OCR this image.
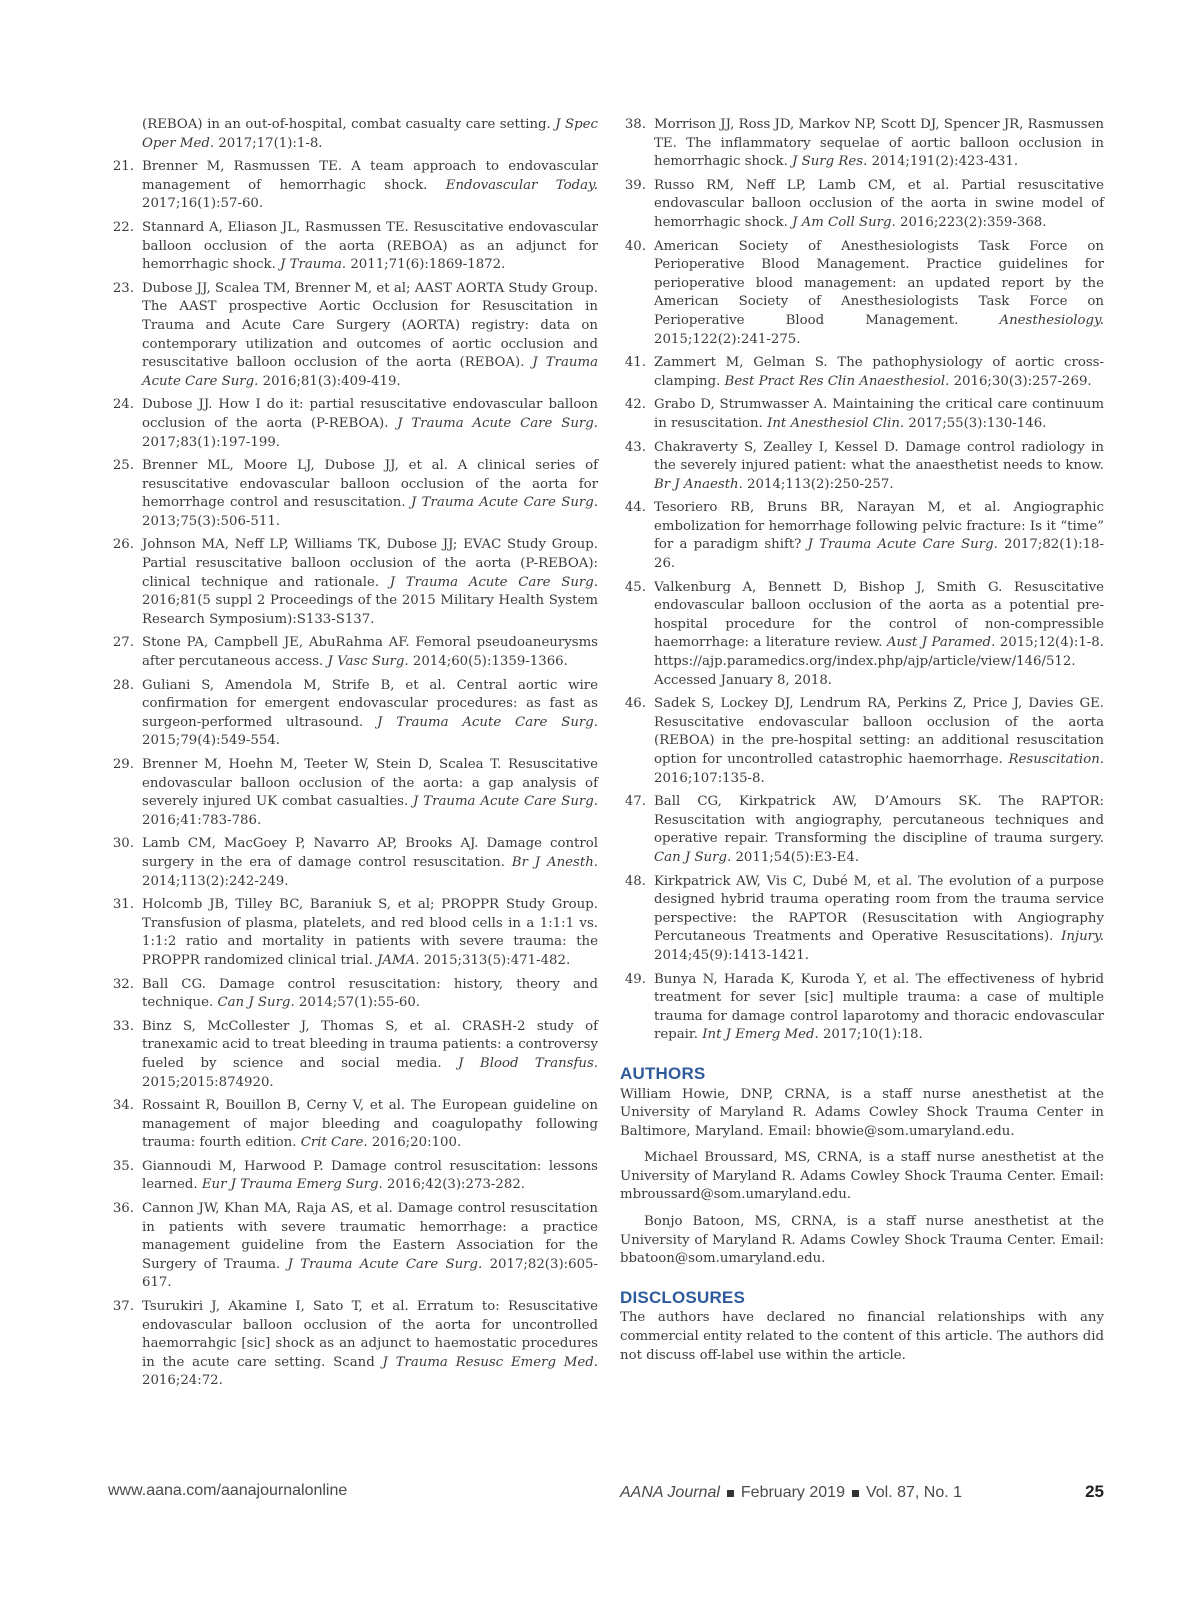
(REBOA) in an out-of-hospital, combat casualty care setting. J Spec Oper Med. 2017;17(1):1-8.
21. Brenner M, Rasmussen TE. A team approach to endovascular management of hemorrhagic shock. Endovascular Today. 2017;16(1):57-60.
22. Stannard A, Eliason JL, Rasmussen TE. Resuscitative endovascular balloon occlusion of the aorta (REBOA) as an adjunct for hemorrhagic shock. J Trauma. 2011;71(6):1869-1872.
23. Dubose JJ, Scalea TM, Brenner M, et al; AAST AORTA Study Group. The AAST prospective Aortic Occlusion for Resuscitation in Trauma and Acute Care Surgery (AORTA) registry: data on contemporary utilization and outcomes of aortic occlusion and resuscitative balloon occlusion of the aorta (REBOA). J Trauma Acute Care Surg. 2016;81(3):409-419.
24. Dubose JJ. How I do it: partial resuscitative endovascular balloon occlusion of the aorta (P-REBOA). J Trauma Acute Care Surg. 2017;83(1):197-199.
25. Brenner ML, Moore LJ, Dubose JJ, et al. A clinical series of resuscitative endovascular balloon occlusion of the aorta for hemorrhage control and resuscitation. J Trauma Acute Care Surg. 2013;75(3):506-511.
26. Johnson MA, Neff LP, Williams TK, Dubose JJ; EVAC Study Group. Partial resuscitative balloon occlusion of the aorta (P-REBOA): clinical technique and rationale. J Trauma Acute Care Surg. 2016;81(5 suppl 2 Proceedings of the 2015 Military Health System Research Symposium):S133-S137.
27. Stone PA, Campbell JE, AbuRahma AF. Femoral pseudoaneurysms after percutaneous access. J Vasc Surg. 2014;60(5):1359-1366.
28. Guliani S, Amendola M, Strife B, et al. Central aortic wire confirmation for emergent endovascular procedures: as fast as surgeon-performed ultrasound. J Trauma Acute Care Surg. 2015;79(4):549-554.
29. Brenner M, Hoehn M, Teeter W, Stein D, Scalea T. Resuscitative endovascular balloon occlusion of the aorta: a gap analysis of severely injured UK combat casualties. J Trauma Acute Care Surg. 2016;41:783-786.
30. Lamb CM, MacGoey P, Navarro AP, Brooks AJ. Damage control surgery in the era of damage control resuscitation. Br J Anesth. 2014;113(2):242-249.
31. Holcomb JB, Tilley BC, Baraniuk S, et al; PROPPR Study Group. Transfusion of plasma, platelets, and red blood cells in a 1:1:1 vs. 1:1:2 ratio and mortality in patients with severe trauma: the PROPPR randomized clinical trial. JAMA. 2015;313(5):471-482.
32. Ball CG. Damage control resuscitation: history, theory and technique. Can J Surg. 2014;57(1):55-60.
33. Binz S, McCollester J, Thomas S, et al. CRASH-2 study of tranexamic acid to treat bleeding in trauma patients: a controversy fueled by science and social media. J Blood Transfus. 2015;2015:874920.
34. Rossaint R, Bouillon B, Cerny V, et al. The European guideline on management of major bleeding and coagulopathy following trauma: fourth edition. Crit Care. 2016;20:100.
35. Giannoudi M, Harwood P. Damage control resuscitation: lessons learned. Eur J Trauma Emerg Surg. 2016;42(3):273-282.
36. Cannon JW, Khan MA, Raja AS, et al. Damage control resuscitation in patients with severe traumatic hemorrhage: a practice management guideline from the Eastern Association for the Surgery of Trauma. J Trauma Acute Care Surg. 2017;82(3):605-617.
37. Tsurukiri J, Akamine I, Sato T, et al. Erratum to: Resuscitative endovascular balloon occlusion of the aorta for uncontrolled haemorrahgic [sic] shock as an adjunct to haemostatic procedures in the acute care setting. Scand J Trauma Resusc Emerg Med. 2016;24:72.
38. Morrison JJ, Ross JD, Markov NP, Scott DJ, Spencer JR, Rasmussen TE. The inflammatory sequelae of aortic balloon occlusion in hemorrhagic shock. J Surg Res. 2014;191(2):423-431.
39. Russo RM, Neff LP, Lamb CM, et al. Partial resuscitative endovascular balloon occlusion of the aorta in swine model of hemorrhagic shock. J Am Coll Surg. 2016;223(2):359-368.
40. American Society of Anesthesiologists Task Force on Perioperative Blood Management. Practice guidelines for perioperative blood management: an updated report by the American Society of Anesthesiologists Task Force on Perioperative Blood Management.	Anesthesiology. 2015;122(2):241-275.
41. Zammert M, Gelman S. The pathophysiology of aortic cross-clamping. Best Pract Res Clin Anaesthesiol. 2016;30(3):257-269.
42. Grabo D, Strumwasser A. Maintaining the critical care continuum in resuscitation. Int Anesthesiol Clin. 2017;55(3):130-146.
43. Chakraverty S, Zealley I, Kessel D. Damage control radiology in the severely injured patient: what the anaesthetist needs to know. Br J Anaesth. 2014;113(2):250-257.
44. Tesoriero RB, Bruns BR, Narayan M, et al. Angiographic embolization for hemorrhage following pelvic fracture: Is it “time” for a paradigm shift? J Trauma Acute Care Surg. 2017;82(1):18-26.
45. Valkenburg A, Bennett D, Bishop J, Smith G. Resuscitative endovascular balloon occlusion of the aorta as a potential pre-hospital procedure for the control of non-compressible haemorrhage: a literature review. Aust J Paramed. 2015;12(4):1-8. https://ajp.paramedics.org/index.php/ajp/article/view/146/512. Accessed January 8, 2018.
46. Sadek S, Lockey DJ, Lendrum RA, Perkins Z, Price J, Davies GE. Resuscitative endovascular balloon occlusion of the aorta (REBOA) in the pre-hospital setting: an additional resuscitation option for uncontrolled catastrophic haemorrhage. Resuscitation. 2016;107:135-8.
47. Ball CG, Kirkpatrick AW, D’Amours SK. The RAPTOR: Resuscitation with angiography, percutaneous techniques and operative repair. Transforming the discipline of trauma surgery. Can J Surg. 2011;54(5):E3-E4.
48. Kirkpatrick AW, Vis C, Dubé M, et al. The evolution of a purpose designed hybrid trauma operating room from the trauma service perspective: the RAPTOR (Resuscitation with Angiography Percutaneous Treatments and Operative Resuscitations). Injury. 2014;45(9):1413-1421.
49. Bunya N, Harada K, Kuroda Y, et al. The effectiveness of hybrid treatment for sever [sic] multiple trauma: a case of multiple trauma for damage control laparotomy and thoracic endovascular repair. Int J Emerg Med. 2017;10(1):18.
AUTHORS

William Howie, DNP, CRNA, is a staff nurse anesthetist at the University of Maryland R. Adams Cowley Shock Trauma Center in Baltimore, Maryland. Email: bhowie@som.umaryland.edu.

Michael Broussard, MS, CRNA, is a staff nurse anesthetist at the University of Maryland R. Adams Cowley Shock Trauma Center. Email: mbroussard@som.umaryland.edu.

Bonjo Batoon, MS, CRNA, is a staff nurse anesthetist at the University of Maryland R. Adams Cowley Shock Trauma Center. Email: bbatoon@som.umaryland.edu.

DISCLOSURES

The authors have declared no financial relationships with any commercial entity related to the content of this article. The authors did not discuss off-label use within the article.

www.aana.com/aanajournalonline	AANA Journal February 2019 Vol. 87, No. 1	25
